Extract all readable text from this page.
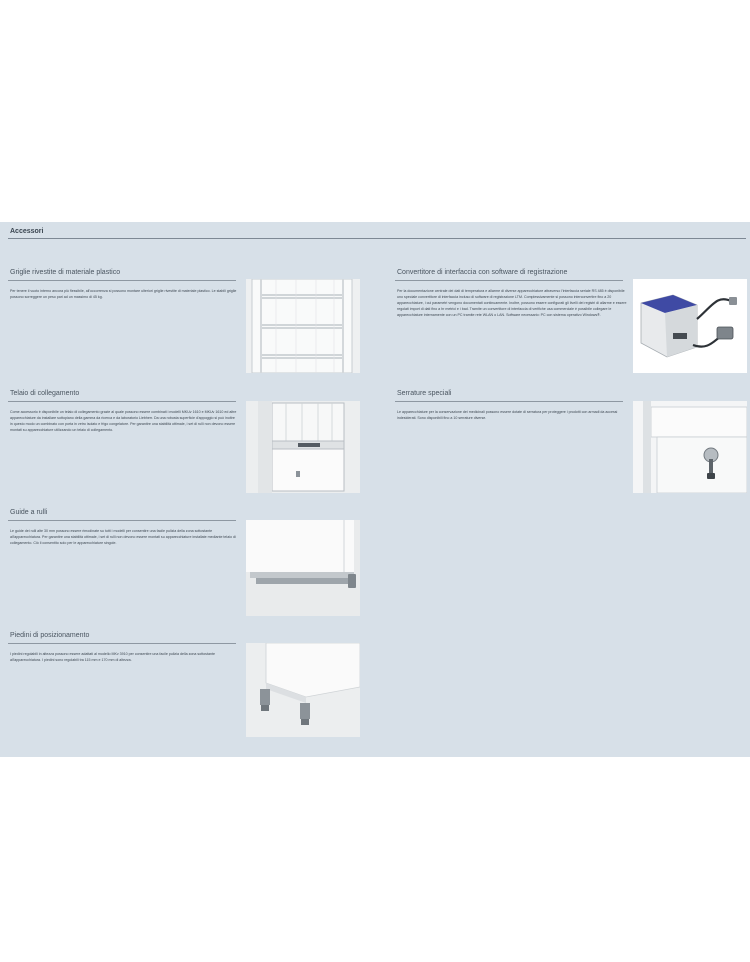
Accessori
Griglie rivestite di materiale plastico
Per tenere il vuoto interno ancora più flessibile, all'occorrenza si possono montare ulteriori griglie rivestite di materiale plastico. Le stabili griglie possono sorreggere un peso pari ad un massimo di 45 kg.
Telaio di collegamento
Come accessorio è disponibile un telaio di collegamento grazie al quale possono essere combinati i modelli MKUv 1610 e MKUv 1610 ed altre apparecchiature da installare sottopiano della gamma da ricerca e da laboratorio Liebherr. Da una robusta superficie d'appoggio si può inoltre in questo modo un combinato con porta in vetro isolato e frigo congelatore. Per garantire una stabilità ottimale, i set di rulli non devono essere montati su apparecchiature utilizzando un telaio di collegamento.
Guide a rulli
Le guide dei rulli alte 30 mm possono essere rimodinate su tutti i modelli per consentire una facile pulizia della zona sottostante all'apparecchiatura. Per garantire una stabilità ottimale, i set di rulli non devono essere montati su apparecchiature installate mediante telaio di collegamento. Ciò li consentito solo per le apparecchiature singole.
Piedini di posizionamento
I piedini regolabili in altezza possono essere adattati al modello MKv 3910 per consentire una facile pulizia della zona sottostante all'apparecchiatura. I piedini sono regolabili tra 115 mm e 170 mm di altezza.
Convertitore di interfaccia con software di registrazione
Per la documentazione centrale dei dati di temperatura e allarme di diverse apparecchiature attraverso l'interfaccia seriale RS 485 è disponibile uno speciale convertitore di interfaccia incluso di software di registrazione LTM. Complessivamente si possono interconvertire fino a 20 apparecchiature, i cui parametri vengono documentati continuamente. Inoltre, possono essere configurati gli livelli dei registri di allarme e essere regolati import di dati fino a hr metrici e i bad. Tramite un convertitore di interfaccia di verifiche usa commerciale è possibile collegare le apparecchiature internamente con un PC tramite rete WLAN o LAN. Software necessario: PC con sistema operativo Windows®.
Serrature speciali
Le apparecchiature per la conservazione dei medicinali possono essere dotate di serratura per proteggere i prodotti con armadi da accessi indesiderati. Sono disponibili fino a 10 serrature diverse.
